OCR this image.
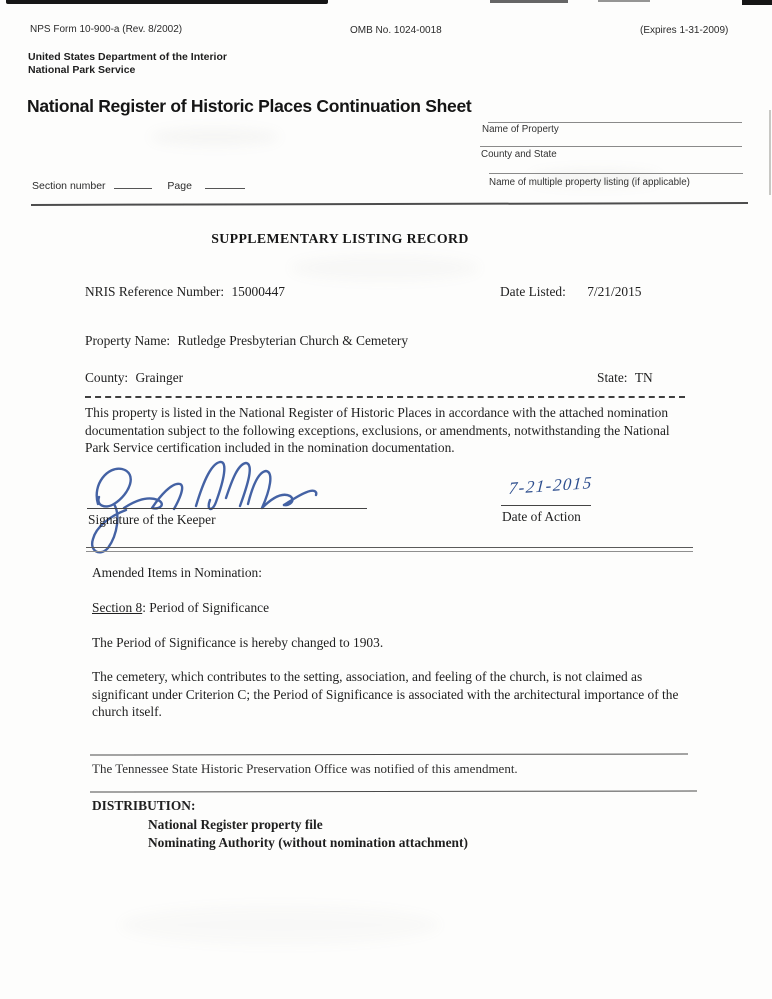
NPS Form 10-900-a (Rev. 8/2002)	OMB No. 1024-0018	(Expires 1-31-2009)
United States Department of the Interior
National Park Service
National Register of Historic Places Continuation Sheet
Name of Property
County and State
Name of multiple property listing (if applicable)
Section number	Page
SUPPLEMENTARY LISTING RECORD
NRIS Reference Number: 15000447	Date Listed: 7/21/2015
Property Name: Rutledge Presbyterian Church & Cemetery
County: Grainger	State: TN
This property is listed in the National Register of Historic Places in accordance with the attached nomination documentation subject to the following exceptions, exclusions, or amendments, notwithstanding the National Park Service certification included in the nomination documentation.
Signature of the Keeper
7-21-2015
Date of Action
Amended Items in Nomination:
Section 8: Period of Significance
The Period of Significance is hereby changed to 1903.
The cemetery, which contributes to the setting, association, and feeling of the church, is not claimed as significant under Criterion C; the Period of Significance is associated with the architectural importance of the church itself.
The Tennessee State Historic Preservation Office was notified of this amendment.
DISTRIBUTION:
National Register property file
Nominating Authority (without nomination attachment)
